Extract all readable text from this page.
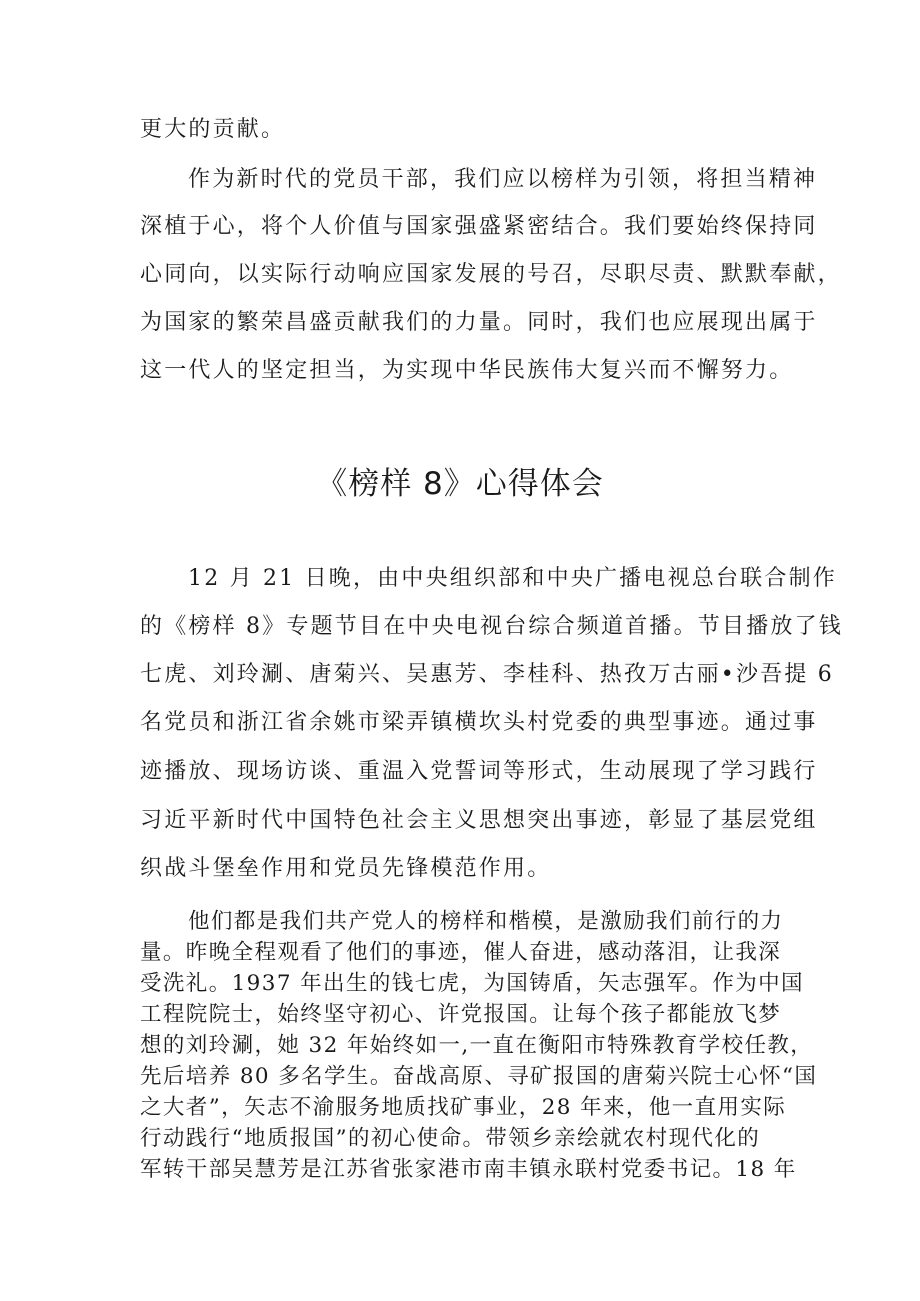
更大的贡献。
作为新时代的党员干部，我们应以榜样为引领，将担当精神
深植于心，将个人价值与国家强盛紧密结合。我们要始终保持同
心同向，以实际行动响应国家发展的号召，尽职尽责、默默奉献，
为国家的繁荣昌盛贡献我们的力量。同时，我们也应展现出属于
这一代人的坚定担当，为实现中华民族伟大复兴而不懈努力。
《榜样 8》心得体会
12 月 21 日晚，由中央组织部和中央广播电视总台联合制作
的《榜样 8》专题节目在中央电视台综合频道首播。节目播放了钱
七虎、刘玲涮、唐菊兴、吴惠芳、李桂科、热孜万古丽•沙吾提 6
名党员和浙江省余姚市梁弄镇横坎头村党委的典型事迹。通过事
迹播放、现场访谈、重温入党誓词等形式，生动展现了学习践行
习近平新时代中国特色社会主义思想突出事迹，彰显了基层党组
织战斗堡垒作用和党员先锋模范作用。
他们都是我们共产党人的榜样和楷模，是激励我们前行的力
量。昨晚全程观看了他们的事迹，催人奋进，感动落泪，让我深
受洗礼。1937 年出生的钱七虎，为国铸盾，矢志强军。作为中国
工程院院士，始终坚守初心、许党报国。让每个孩子都能放飞梦
想的刘玲涮，她 32 年始终如一,一直在衡阳市特殊教育学校任教，
先后培养 80 多名学生。奋战高原、寻矿报国的唐菊兴院士心怀“国
之大者”，矢志不渝服务地质找矿事业，28 年来，他一直用实际
行动践行“地质报国”的初心使命。带领乡亲绘就农村现代化的
军转干部吴慧芳是江苏省张家港市南丰镇永联村党委书记。18 年
